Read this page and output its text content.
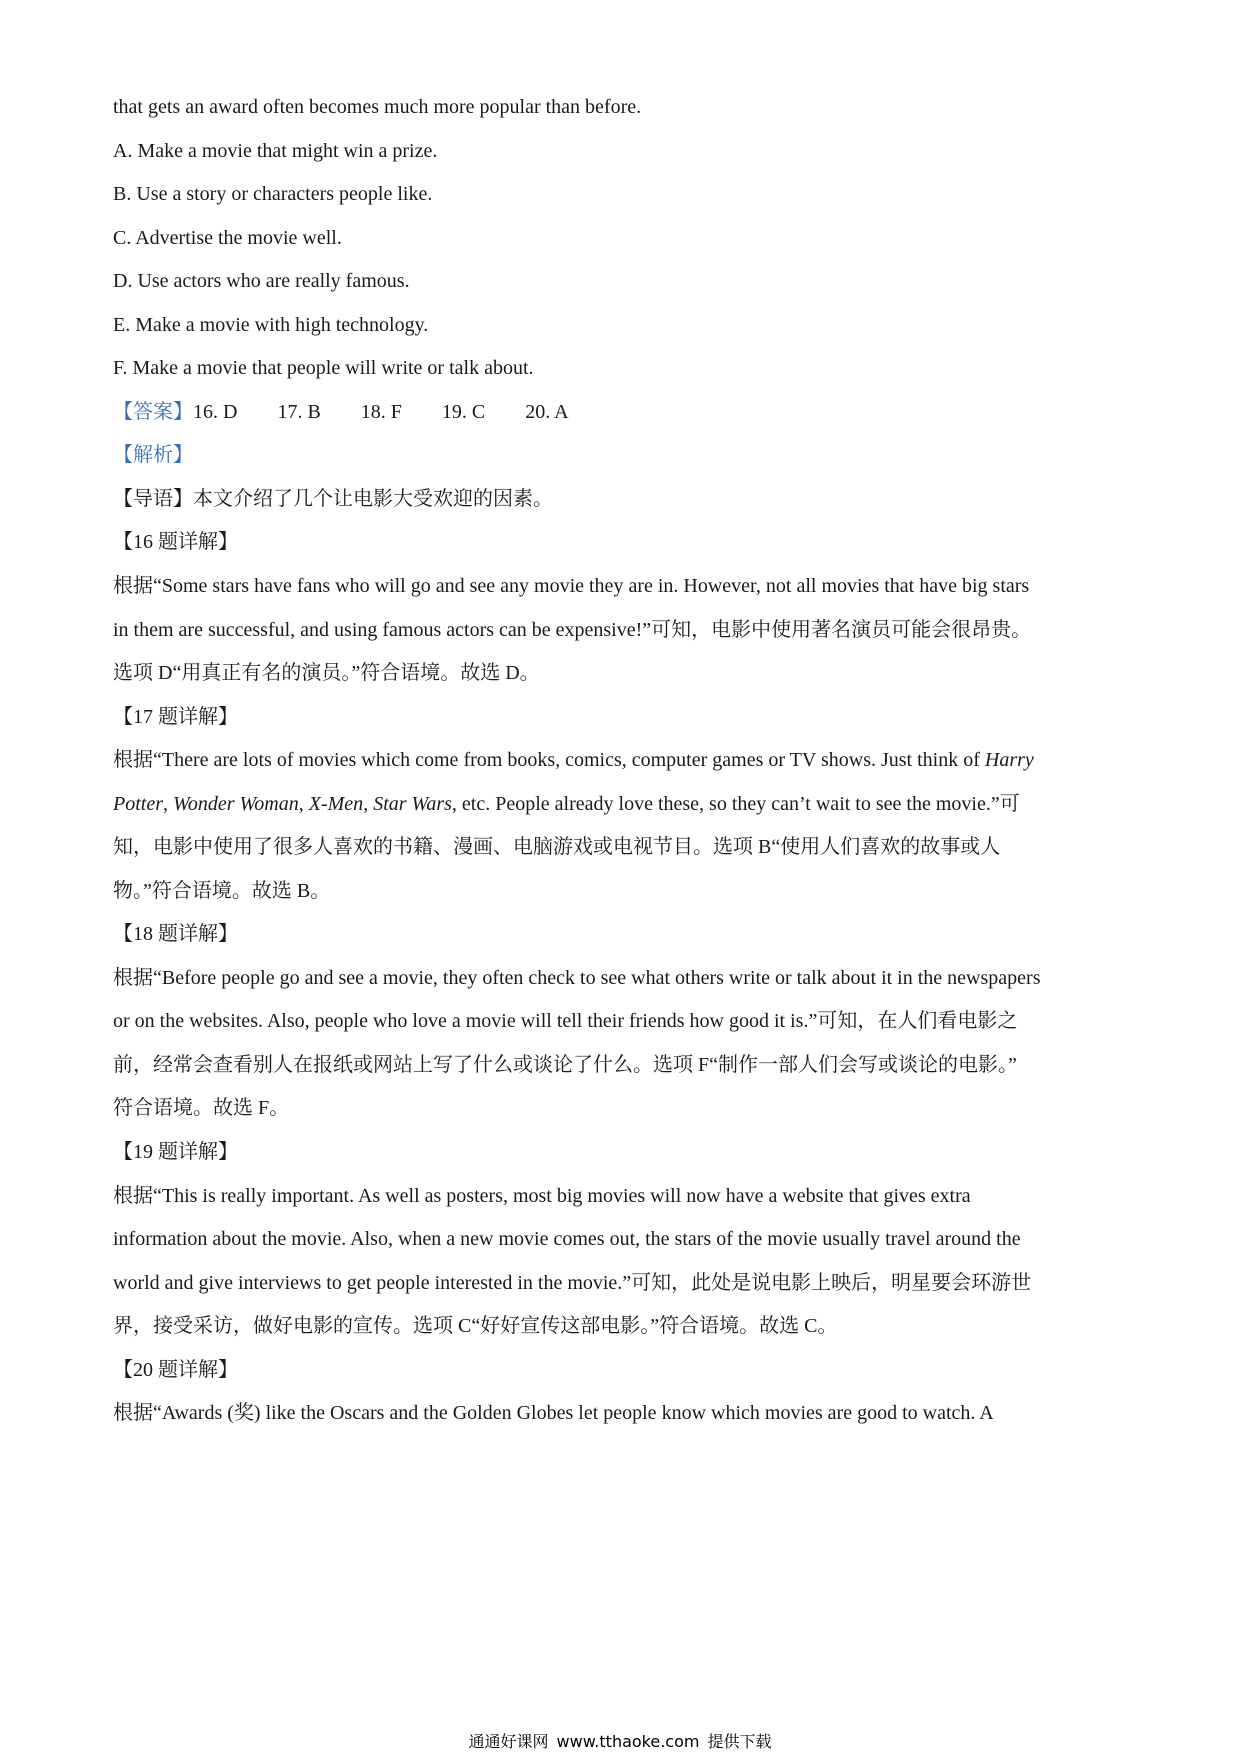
that gets an award often becomes much more popular than before.
A. Make a movie that might win a prize.
B. Use a story or characters people like.
C. Advertise the movie well.
D. Use actors who are really famous.
E. Make a movie with high technology.
F. Make a movie that people will write or talk about.
【答案】16. D 17. B 18. F 19. C 20. A
【解析】
【导语】本文介绍了几个让电影大受欢迎的因素。
【16 题详解】
根据“Some stars have fans who will go and see any movie they are in. However, not all movies that have big stars
in them are successful, and using famous actors can be expensive!”可知，电影中使用著名演员可能会很昂贵。
选项 D“用真正有名的演员。”符合语境。故选 D。
【17 题详解】
根据“There are lots of movies which come from books, comics, computer games or TV shows. Just think of Harry
Potter, Wonder Woman, X-Men, Star Wars, etc. People already love these, so they can’t wait to see the movie.”可
知，电影中使用了很多人喜欢的书籍、漫画、电脑游戏或电视节目。选项 B“使用人们喜欢的故事或人
物。”符合语境。故选 B。
【18 题详解】
根据“Before people go and see a movie, they often check to see what others write or talk about it in the newspapers
or on the websites. Also, people who love a movie will tell their friends how good it is.”可知，在人们看电影之
前，经常会查看别人在报纸或网站上写了什么或谈论了什么。选项 F“制作一部人们会写或谈论的电影。”
符合语境。故选 F。
【19 题详解】
根据“This is really important. As well as posters, most big movies will now have a website that gives extra
information about the movie. Also, when a new movie comes out, the stars of the movie usually travel around the
world and give interviews to get people interested in the movie.”可知，此处是说电影上映后，明星要会环游世
界，接受采访，做好电影的宣传。选项 C“好好宣传这部电影。”符合语境。故选 C。
【20 题详解】
根据“Awards (奖) like the Oscars and the Golden Globes let people know which movies are good to watch. A
通通好课网 www.tthaoke.com 提供下载
